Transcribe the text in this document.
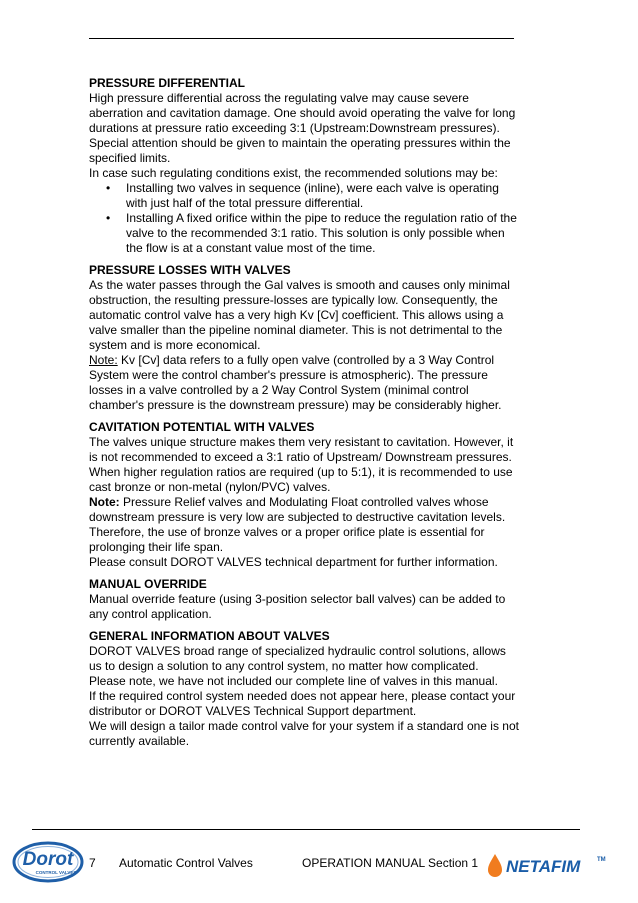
PRESSURE DIFFERENTIAL

High pressure differential across the regulating valve may cause severe aberration and cavitation damage. One should avoid operating the valve for long durations at pressure ratio exceeding 3:1 (Upstream:Downstream pressures). Special attention should be given to maintain the operating pressures within the specified limits.

In case such regulating conditions exist, the recommended solutions may be:

• Installing two valves in sequence (inline), were each valve is operating with just half of the total pressure differential.
• Installing A fixed orifice within the pipe to reduce the regulation ratio of the valve to the recommended 3:1 ratio. This solution is only possible when the flow is at a constant value most of the time.
PRESSURE LOSSES WITH VALVES

As the water passes through the Gal valves is smooth and causes only minimal obstruction, the resulting pressure-losses are typically low. Consequently, the automatic control valve has a very high Kv [Cv] coefficient. This allows using a valve smaller than the pipeline nominal diameter. This is not detrimental to the system and is more economical.

Note: Kv [Cv] data refers to a fully open valve (controlled by a 3 Way Control System were the control chamber's pressure is atmospheric). The pressure losses in a valve controlled by a 2 Way Control System (minimal control chamber's pressure is the downstream pressure) may be considerably higher.

CAVITATION POTENTIAL WITH VALVES

The valves unique structure makes them very resistant to cavitation. However, it is not recommended to exceed a 3:1 ratio of Upstream/ Downstream pressures. When higher regulation ratios are required (up to 5:1), it is recommended to use cast bronze or non-metal (nylon/PVC) valves.

Note: Pressure Relief valves and Modulating Float controlled valves whose downstream pressure is very low are subjected to destructive cavitation levels. Therefore, the use of bronze valves or a proper orifice plate is essential for prolonging their life span.

Please consult DOROT VALVES technical department for further information.

MANUAL OVERRIDE

Manual override feature (using 3-position selector ball valves) can be added to any control application.

GENERAL INFORMATION ABOUT VALVES

DOROT VALVES broad range of specialized hydraulic control solutions, allows us to design a solution to any control system, no matter how complicated.

Please note, we have not included our complete line of valves in this manual.

If the required control system needed does not appear here, please contact your distributor or DOROT VALVES Technical Support department.

We will design a tailor made control valve for your system if a standard one is not currently available.

Dorot
CONTROL VALVES
7 Automatic Control Valves	OPERATION MANUAL Section 1 NETAFIM	TM
